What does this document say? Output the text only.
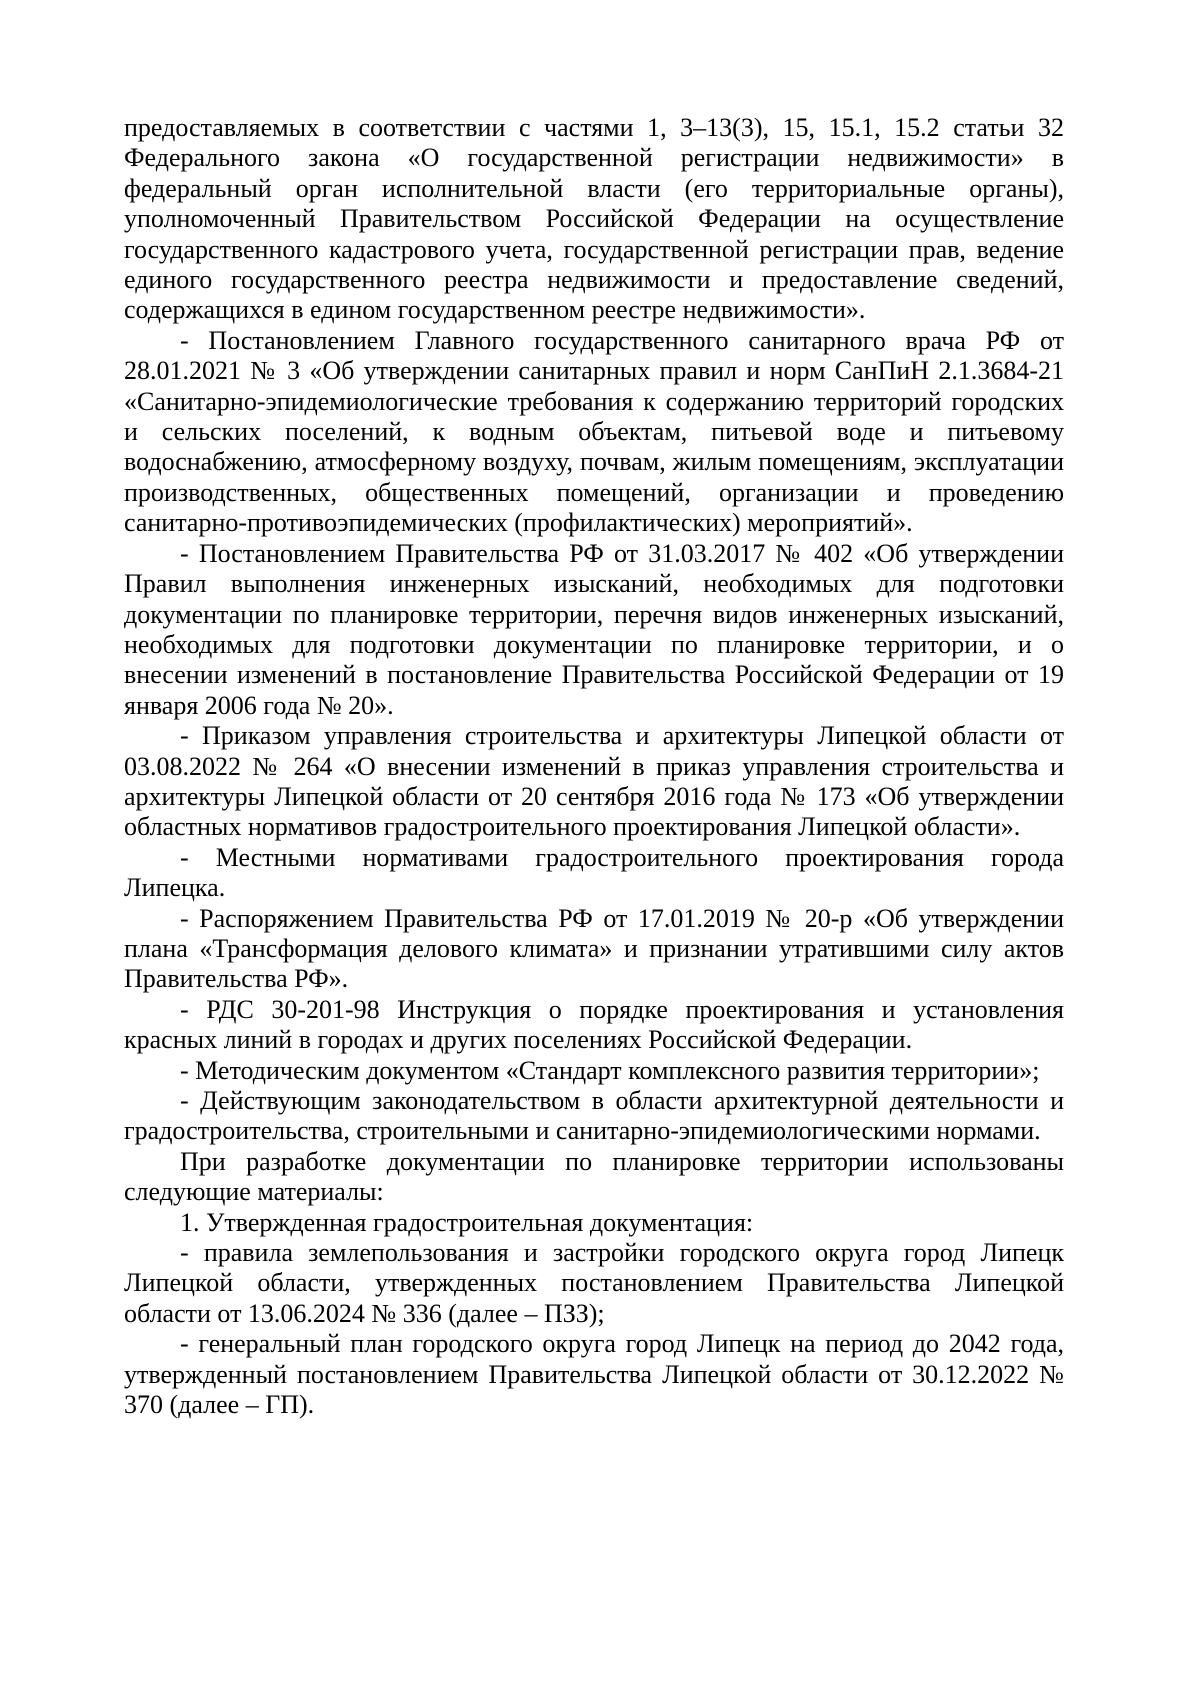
предоставляемых в соответствии с частями 1, 3–13(3), 15, 15.1, 15.2 статьи 32 Федерального закона «О государственной регистрации недвижимости» в федеральный орган исполнительной власти (его территориальные органы), уполномоченный Правительством Российской Федерации на осуществление государственного кадастрового учета, государственной регистрации прав, ведение единого государственного реестра недвижимости и предоставление сведений, содержащихся в едином государственном реестре недвижимости».

- Постановлением Главного государственного санитарного врача РФ от 28.01.2021 № 3 «Об утверждении санитарных правил и норм СанПиН 2.1.3684-21 «Санитарно-эпидемиологические требования к содержанию территорий городских и сельских поселений, к водным объектам, питьевой воде и питьевому водоснабжению, атмосферному воздуху, почвам, жилым помещениям, эксплуатации производственных, общественных помещений, организации и проведению санитарно-противоэпидемических (профилактических) мероприятий».

- Постановлением Правительства РФ от 31.03.2017 № 402 «Об утверждении Правил выполнения инженерных изысканий, необходимых для подготовки документации по планировке территории, перечня видов инженерных изысканий, необходимых для подготовки документации по планировке территории, и о внесении изменений в постановление Правительства Российской Федерации от 19 января 2006 года № 20».

- Приказом управления строительства и архитектуры Липецкой области от 03.08.2022 № 264 «О внесении изменений в приказ управления строительства и архитектуры Липецкой области от 20 сентября 2016 года № 173 «Об утверждении областных нормативов градостроительного проектирования Липецкой области».

- Местными нормативами градостроительного проектирования города Липецка.

- Распоряжением Правительства РФ от 17.01.2019 № 20-р «Об утверждении плана «Трансформация делового климата» и признании утратившими силу актов Правительства РФ».

- РДС 30-201-98 Инструкция о порядке проектирования и установления красных линий в городах и других поселениях Российской Федерации.

- Методическим документом «Стандарт комплексного развития территории»;

- Действующим законодательством в области архитектурной деятельности и градостроительства, строительными и санитарно-эпидемиологическими нормами.

При разработке документации по планировке территории использованы следующие материалы:

1. Утвержденная градостроительная документация:

- правила землепользования и застройки городского округа город Липецк Липецкой области, утвержденных постановлением Правительства Липецкой области от 13.06.2024 № 336 (далее – ПЗЗ);

- генеральный план городского округа город Липецк на период до 2042 года, утвержденный постановлением Правительства Липецкой области от 30.12.2022 № 370 (далее – ГП).
